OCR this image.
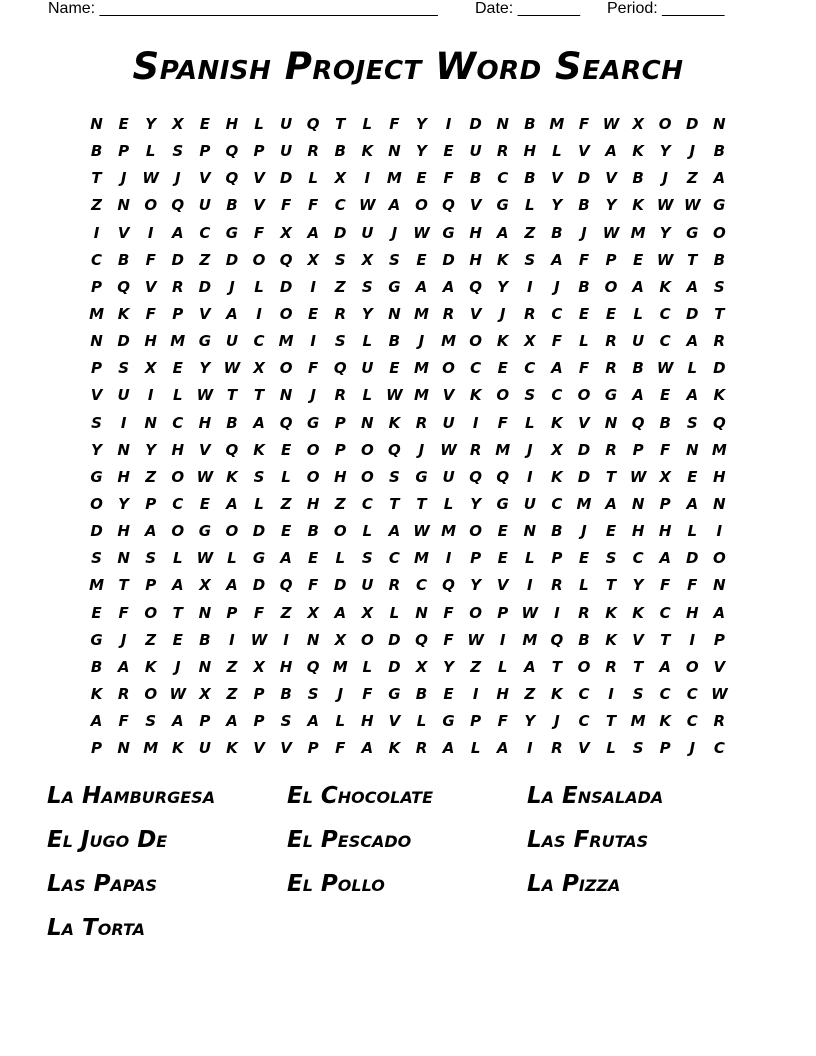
Name: ______________________________________ Date: _______ Period: _______
Spanish Project Word Search
N	E	Y	X	E	H	L	U Q	T	L	F	Y	I	D N	B M F W X O D N
B	P	L	S	P	Q	P	U	R	B	K N	Y	E	U	R	H	L	V	A	K	Y	J	B
T	J	W	J	V Q V	D	L	X	I	M E	F	B	C	B	V	D	V	B	J	Z	A
Z	N O Q U	B	V	F	F	C W A O Q V	G	L	Y	B	Y	K W W G
I	V	I	A	C	G	F	X	A	D U	J	W G H	A	Z	B	J	W M Y	G O
C	B	F	D	Z	D O Q X	S	X	S	E	D H K	S	A	F	P	E W T	B
P	Q V	R	D	J	L	D	I	Z	S	G	A	A Q	Y	I	J	B O A	K	A	S
M K	F	P	V	A	I	O	E	R	Y	N M R	V	J	R	C	E	E	L	C	D	T
N D H M G U	C M	I	S	L	B	J	M O K	X	F	L	R	U	C	A	R
P	S	X	E	Y W X O	F	Q U	E M O	C	E	C	A	F	R	B W L	D
V	U	I	L W T	T	N	J	R	L W M V	K O	S	C	O G	A	E	A	K
S	I	N	C	H	B	A Q G	P	N K	R	U	I	F	L	K	V N Q B	S	Q
Y	N	Y	H	V Q K	E	O	P	O Q	J	W R M	J	X	D	R	P	F	N M
G H	Z	O W K	S	L	O H O	S	G U Q Q	I	K	D	T W X	E	H
O	Y	P	C	E	A	L	Z	H	Z	C	T	T	L	Y	G U	C M A N	P	A N
D H	A O G O D	E	B O	L	A W M O	E	N	B	J	E	H H	L	I
S	N	S	L W L	G	A	E	L	S	C M	I	P	E	L	P	E	S	C	A	D O
M T	P	A	X	A	D Q	F	D U	R	C	Q	Y	V	I	R	L	T	Y	F	F	N
E	F	O	T	N	P	F	Z	X	A	X	L	N	F	O	P W	I	R	K	K	C	H	A
G	J	Z	E	B	I	W	I	N	X O D Q	F W	I	M Q B	K	V	T	I	P
B	A	K	J	N	Z	X	H Q M L	D	X	Y	Z	L	A	T	O R	T	A O V
K	R O W X	Z	P	B	S	J	F	G	B	E	I	H	Z	K	C	I	S	C	C W
A	F	S	A	P	A	P	S	A	L	H	V	L	G	P	F	Y	J	C	T M K	C	R
P	N M K	U	K	V	V	P	F	A	K	R	A	L	A	I	R	V	L	S	P	J	C
La Hamburgesa	El Chocolate	La Ensalada
El Jugo De	El Pescado	Las Frutas
Las Papas	El Pollo	La Pizza
La Torta
